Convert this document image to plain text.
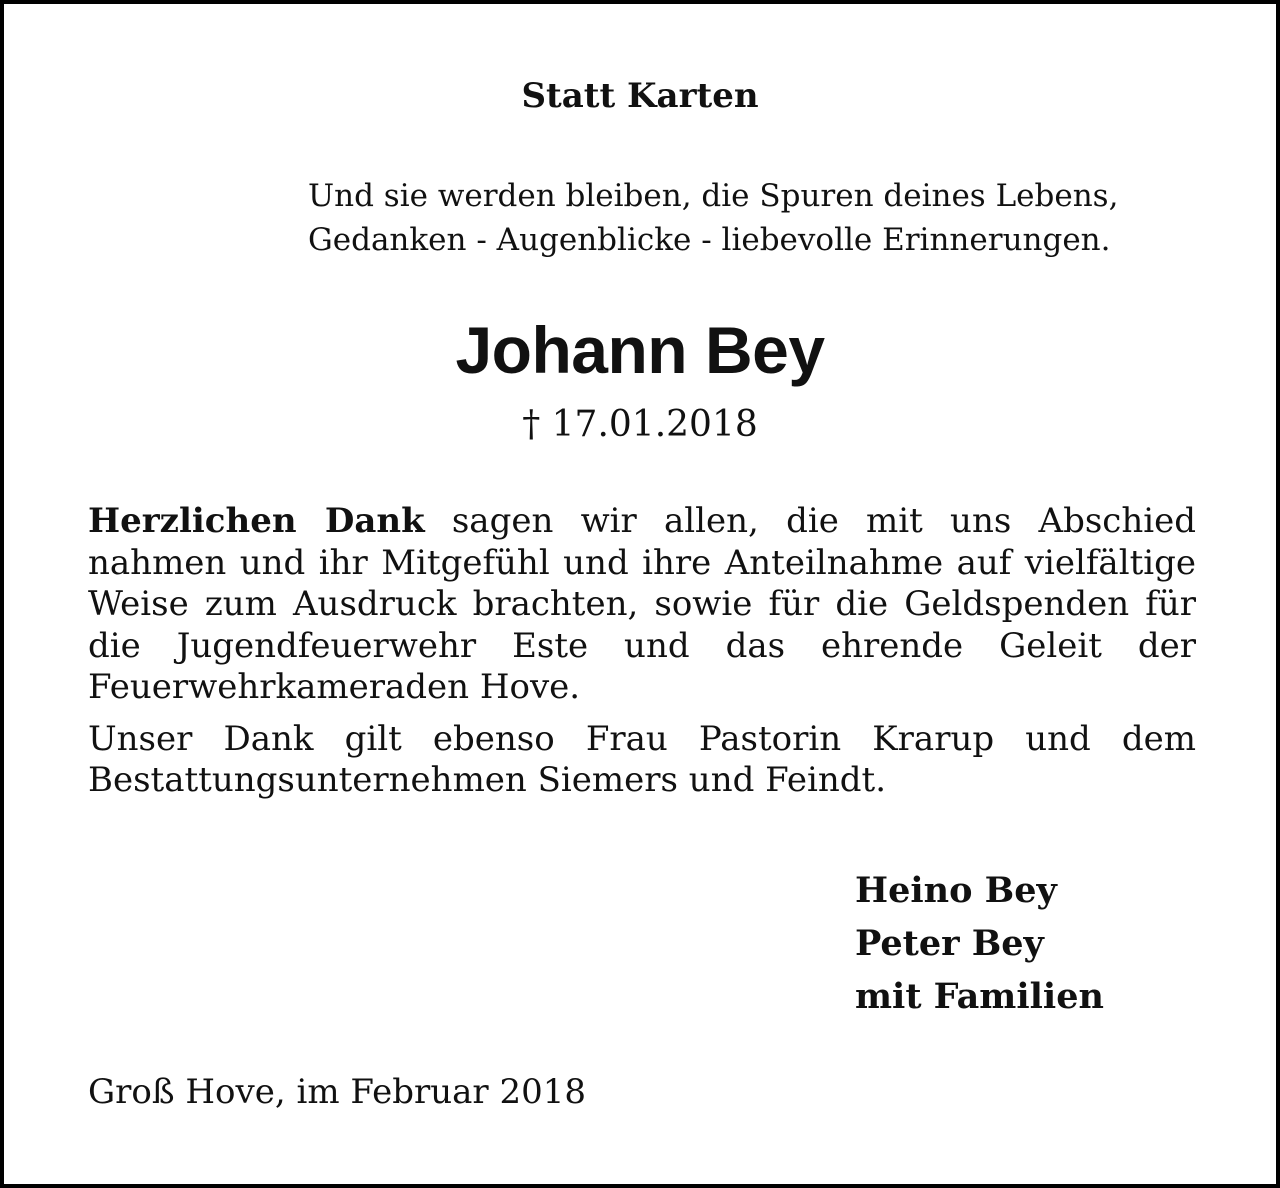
Statt Karten
Und sie werden bleiben, die Spuren deines Lebens,
Gedanken - Augenblicke - liebevolle Erinnerungen.
Johann Bey
† 17.01.2018

Herzlichen Dank sagen wir allen, die mit uns Abschied nahmen und ihr Mitgefühl und ihre Anteilnahme auf vielfältige Weise zum Ausdruck brachten, sowie für die Geldspenden für die Jugendfeuerwehr Este und das ehrende Geleit der Feuerwehrkameraden Hove.

Unser Dank gilt ebenso Frau Pastorin Krarup und dem Bestattungsunternehmen Siemers und Feindt.

Heino Bey
Peter Bey
mit Familien
Groß Hove, im Februar 2018
